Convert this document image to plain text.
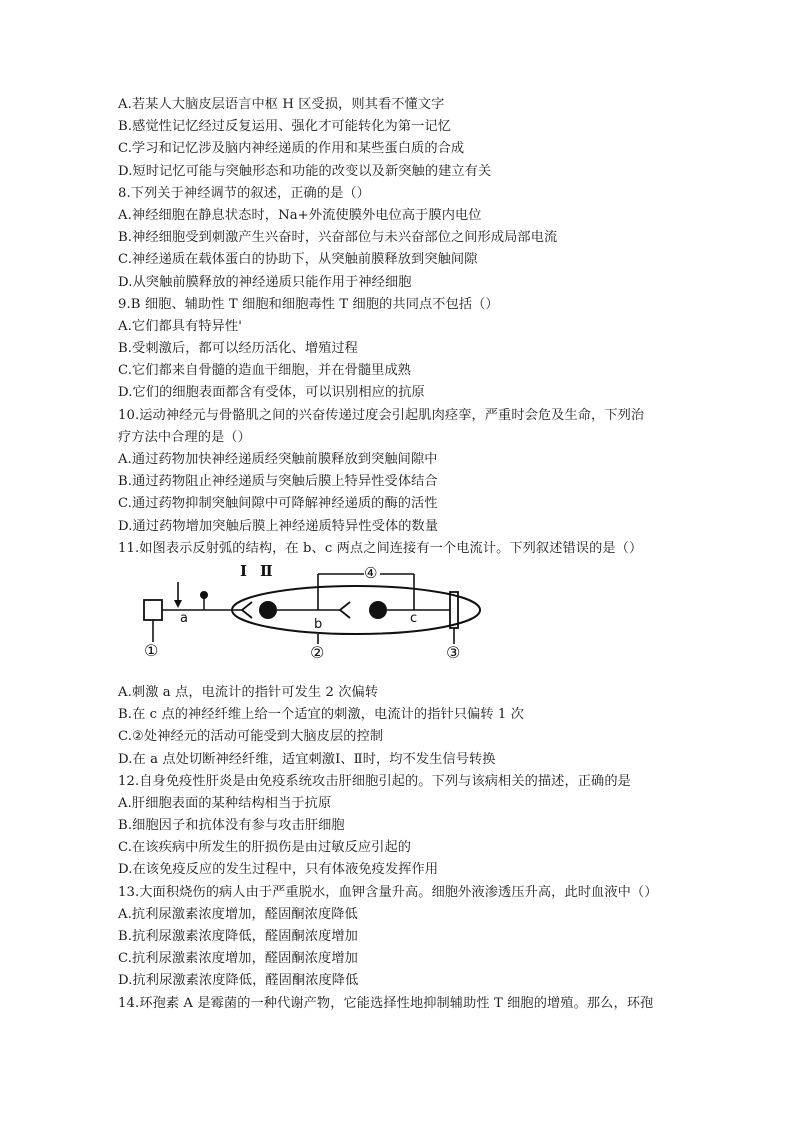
A.若某人大脑皮层语言中枢 H 区受损，则其看不懂文字
B.感觉性记忆经过反复运用、强化才可能转化为第一记忆
C.学习和记忆涉及脑内神经递质的作用和某些蛋白质的合成
D.短时记忆可能与突触形态和功能的改变以及新突触的建立有关
8.下列关于神经调节的叙述，正确的是（）
A.神经细胞在静息状态时，Na+外流使膜外电位高于膜内电位
B.神经细胞受到刺激产生兴奋时，兴奋部位与未兴奋部位之间形成局部电流
C.神经递质在载体蛋白的协助下，从突触前膜释放到突触间隙
D.从突触前膜释放的神经递质只能作用于神经细胞
9.B 细胞、辅助性 T 细胞和细胞毒性 T 细胞的共同点不包括（）
A.它们都具有特异性'
B.受刺激后，都可以经历活化、增殖过程
C.它们都来自骨髓的造血干细胞，并在骨髓里成熟
D.它们的细胞表面都含有受体，可以识别相应的抗原
10.运动神经元与骨骼肌之间的兴奋传递过度会引起肌肉痉挛，严重时会危及生命，下列治
疗方法中合理的是（）
A.通过药物加快神经递质经突触前膜释放到突触间隙中
B.通过药物阻止神经递质与突触后膜上特异性受体结合
C.通过药物抑制突触间隙中可降解神经递质的酶的活性
D.通过药物增加突触后膜上神经递质特异性受体的数量
11.如图表示反射弧的结构，在 b、c 两点之间连接有一个电流计。下列叙述错误的是（）
Ⅰ Ⅱ
a	b	c
④
①	②	③
A.刺激 a 点，电流计的指针可发生 2 次偏转
B.在 c 点的神经纤维上给一个适宜的刺激，电流计的指针只偏转 1 次
C.②处神经元的活动可能受到大脑皮层的控制
D.在 a 点处切断神经纤维，适宜刺激Ⅰ、Ⅱ时，均不发生信号转换
12.自身免疫性肝炎是由免疫系统攻击肝细胞引起的。下列与该病相关的描述，正确的是
A.肝细胞表面的某种结构相当于抗原
B.细胞因子和抗体没有参与攻击肝细胞
C.在该疾病中所发生的肝损伤是由过敏反应引起的
D.在该免疫反应的发生过程中，只有体液免疫发挥作用
13.大面积烧伤的病人由于严重脱水，血钾含量升高。细胞外液渗透压升高，此时血液中（）
A.抗利尿激素浓度增加，醛固酮浓度降低
B.抗利尿激素浓度降低，醛固酮浓度增加
C.抗利尿激素浓度增加，醛固酮浓度增加
D.抗利尿激素浓度降低，醛固酮浓度降低
14.环孢素 A 是霉菌的一种代谢产物，它能选择性地抑制辅助性 T 细胞的增殖。那么，环孢
